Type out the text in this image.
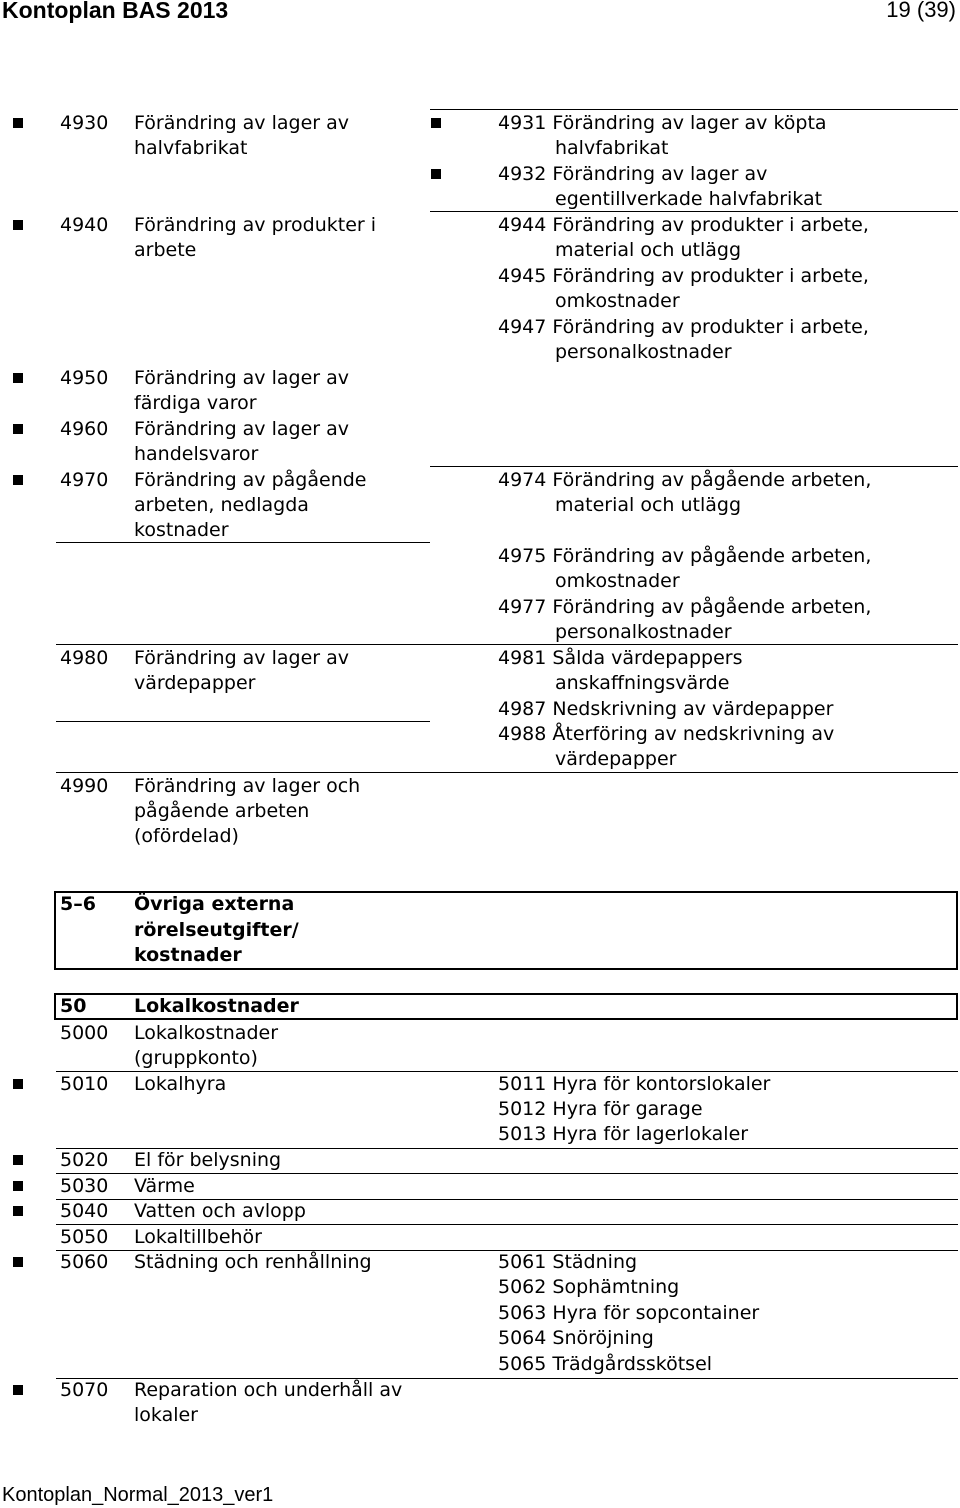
Kontoplan BAS 2013	19 (39)
4930 Förändring av lager av
halvfabrikat
4940 Förändring av produkter i
arbete
4950 Förändring av lager av
färdiga varor
4960 Förändring av lager av
handelsvaror
4970 Förändring av pågående
arbeten, nedlagda
kostnader
4980 Förändring av lager av
värdepapper
4990 Förändring av lager och
pågående arbeten
(ofördelad)
4931 Förändring av lager av köpta
halvfabrikat
4932 Förändring av lager av
egentillverkade halvfabrikat
4944 Förändring av produkter i arbete,
material och utlägg
4945 Förändring av produkter i arbete,
omkostnader
4947 Förändring av produkter i arbete,
personalkostnader
4974 Förändring av pågående arbeten,
material och utlägg
4975 Förändring av pågående arbeten,
omkostnader
4977 Förändring av pågående arbeten,
personalkostnader
4981 Sålda värdepappers
anskaffningsvärde
4987 Nedskrivning av värdepapper
4988 Återföring av nedskrivning av
värdepapper
5–6 Övriga externa
rörelseutgifter/
kostnader
50	Lokalkostnader
5000 Lokalkostnader
(gruppkonto)
5010 Lokalhyra
5020 El för belysning
5030 Värme
5040 Vatten och avlopp
5050 Lokaltillbehör
5060 Städning och renhållning
5070 Reparation och underhåll av
lokaler
5011 Hyra för kontorslokaler
5012 Hyra för garage
5013 Hyra för lagerlokaler
5061 Städning
5062 Sophämtning
5063 Hyra för sopcontainer
5064 Snöröjning
5065 Trädgårdsskötsel
Kontoplan_Normal_2013_ver1
